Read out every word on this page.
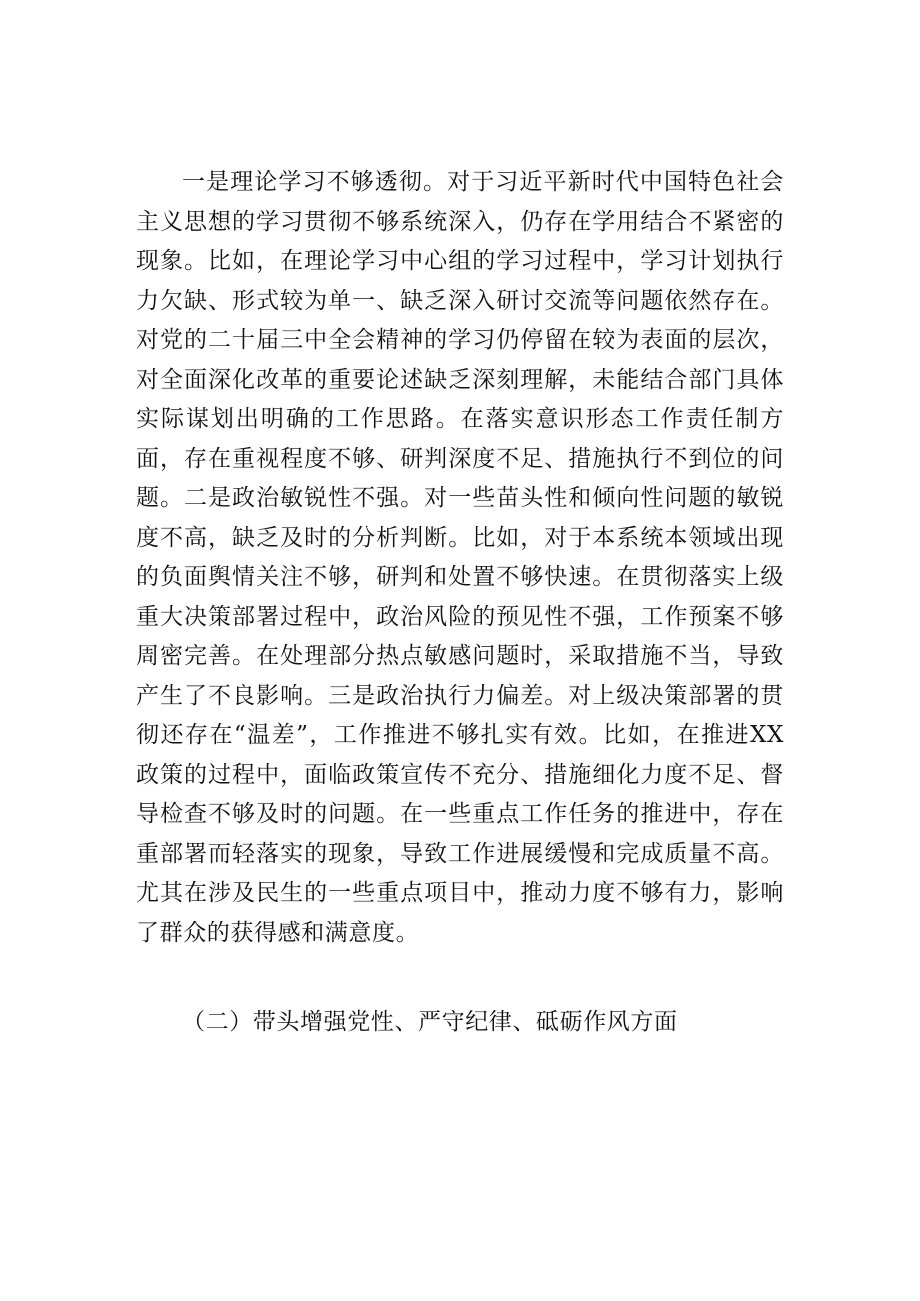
一是理论学习不够透彻。对于习近平新时代中国特色社会主义思想的学习贯彻不够系统深入，仍存在学用结合不紧密的现象。比如，在理论学习中心组的学习过程中，学习计划执行力欠缺、形式较为单一、缺乏深入研讨交流等问题依然存在。对党的二十届三中全会精神的学习仍停留在较为表面的层次，对全面深化改革的重要论述缺乏深刻理解，未能结合部门具体实际谋划出明确的工作思路。在落实意识形态工作责任制方面，存在重视程度不够、研判深度不足、措施执行不到位的问题。二是政治敏锐性不强。对一些苗头性和倾向性问题的敏锐度不高，缺乏及时的分析判断。比如，对于本系统本领域出现的负面舆情关注不够，研判和处置不够快速。在贯彻落实上级重大决策部署过程中，政治风险的预见性不强，工作预案不够周密完善。在处理部分热点敏感问题时，采取措施不当，导致产生了不良影响。三是政治执行力偏差。对上级决策部署的贯彻还存在“温差”，工作推进不够扎实有效。比如，在推进XX政策的过程中，面临政策宣传不充分、措施细化力度不足、督导检查不够及时的问题。在一些重点工作任务的推进中，存在重部署而轻落实的现象，导致工作进展缓慢和完成质量不高。尤其在涉及民生的一些重点项目中，推动力度不够有力，影响了群众的获得感和满意度。

（二）带头增强党性、严守纪律、砥砺作风方面
